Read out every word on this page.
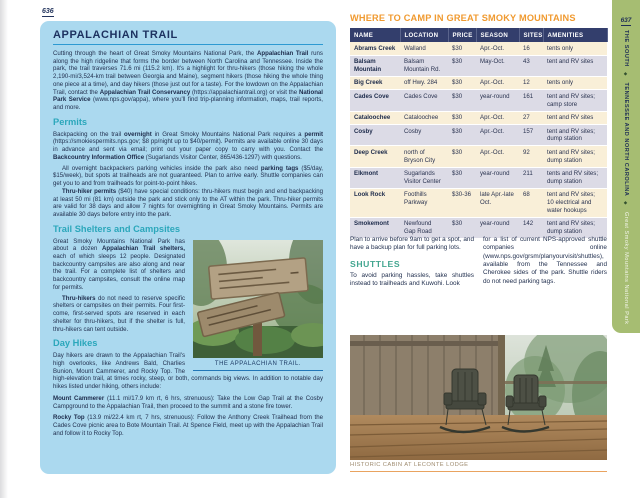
636
APPALACHIAN TRAIL

Cutting through the heart of Great Smoky Mountains National Park, the Appalachian Trail runs along the high ridgeline that forms the border between North Carolina and Tennessee. Inside the park, the trail traverses 71.6 mi (115.2 km). It's a highlight for thru-hikers (those hiking the whole 2,190-mi/3,524-km trail between Georgia and Maine), segment hikers (those hiking the whole thing one piece at a time), and day hikers (those just out for a taste). For the lowdown on the Appalachian Trail, contact the Appalachian Trail Conservancy (https://appalachiantrail.org) or visit the National Park Service (www.nps.gov/appa), where you'll find trip-planning information, maps, trail reports, and more.

Permits

Backpacking on the trail overnight in Great Smoky Mountains National Park requires a permit (https://smokiespermits.nps.gov; $8 pp/night up to $40/permit). Permits are available online 30 days in advance and sent via email; print out your paper copy to carry with you. Contact the Backcountry Information Office (Sugarlands Visitor Center, 865/436-1297) with questions.

All overnight backpackers parking vehicles inside the park also need parking tags ($5/day, $15/week), but spots at trailheads are not guaranteed. Plan to arrive early. Shuttle companies can get you to and from trailheads for point-to-point hikes.

Thru-hiker permits ($40) have special conditions: thru-hikers must begin and end backpacking at least 50 mi (81 km) outside the park and stick only to the AT within the park. Thru-hiker permits are valid for 38 days and allow 7 nights for overnighting in Great Smoky Mountains. Permits are available 30 days before entry into the park.

Trail Shelters and Campsites
THE APPALACHIAN TRAIL.

Great Smoky Mountains National Park has about a dozen Appalachian Trail shelters, each of which sleeps 12 people. Designated backcountry campsites are also along and near the trail. For a complete list of shelters and backcountry campsites, consult the online map for permits.

Thru-hikers do not need to reserve specific shelters or campsites on their permits. Four first-come, first-served spots are reserved in each shelter for thru-hikers, but if the shelter is full, thru-hikers can tent outside.

Day Hikes

Day hikers are drawn to the Appalachian Trail's high overlooks, like Andrews Bald, Charlies Bunion, Mount Cammerer, and Rocky Top. The high-elevation trail, at times rocky, steep, or both, commands big views. In addition to notable day hikes listed under hiking, others include:

Mount Cammerer (11.1 mi/17.9 km rt, 6 hrs, strenuous): Take the Low Gap Trail at the Cosby Campground to the Appalachian Trail, then proceed to the summit and a stone fire tower.

Rocky Top (13.9 mi/22.4 km rt, 7 hrs, strenuous): Follow the Anthony Creek Trailhead from the Cades Cove picnic area to Bote Mountain Trail. At Spence Field, meet up with the Appalachian Trail and follow it to Rocky Top.

WHERE TO CAMP IN GREAT SMOKY MOUNTAINS
NAME	LOCATION	PRICE	SEASON	SITES	AMENITIES
Abrams Creek	Walland	$30	Apr.-Oct.	16	tents only
Balsam Mountain	Balsam Mountain Rd.	$30	May-Oct.	43	tent and RV sites
Big Creek	off Hwy. 284	$30	Apr.-Oct.	12	tents only
Cades Cove	Cades Cove	$30	year-round	161	tent and RV sites; camp store
Cataloochee	Cataloochee	$30	Apr.-Oct.	27	tent and RV sites
Cosby	Cosby	$30	Apr.-Oct.	157	tent and RV sites; dump station
Deep Creek	north of Bryson City	$30	Apr.-Oct.	92	tent and RV sites; dump station
Elkmont	Sugarlands Visitor Center	$30	year-round	211	tents and RV sites; dump station
Look Rock	Foothills Parkway	$30-36	late Apr.-late Oct.	68	tent and RV sites; 10 electrical and water hookups
Smokemont	Newfound Gap Road	$30	year-round	142	tent and RV sites; dump station

Plan to arrive before 9am to get a spot, and have a backup plan for full parking lots.

SHUTTLES

To avoid parking hassles, take shuttles instead to trailheads and Kuwohi. Look

for a list of current NPS-approved shuttle companies online (www.nps.gov/grsm/planyourvisit/shuttles), available from the Tennessee and Cherokee sides of the park. Shuttle riders do not need parking tags.

HISTORIC CABIN AT LECONTE LODGE
637
THE SOUTH ◆ TENNESSEE AND NORTH CAROLINA ◆ Great Smoky Mountains National Park
